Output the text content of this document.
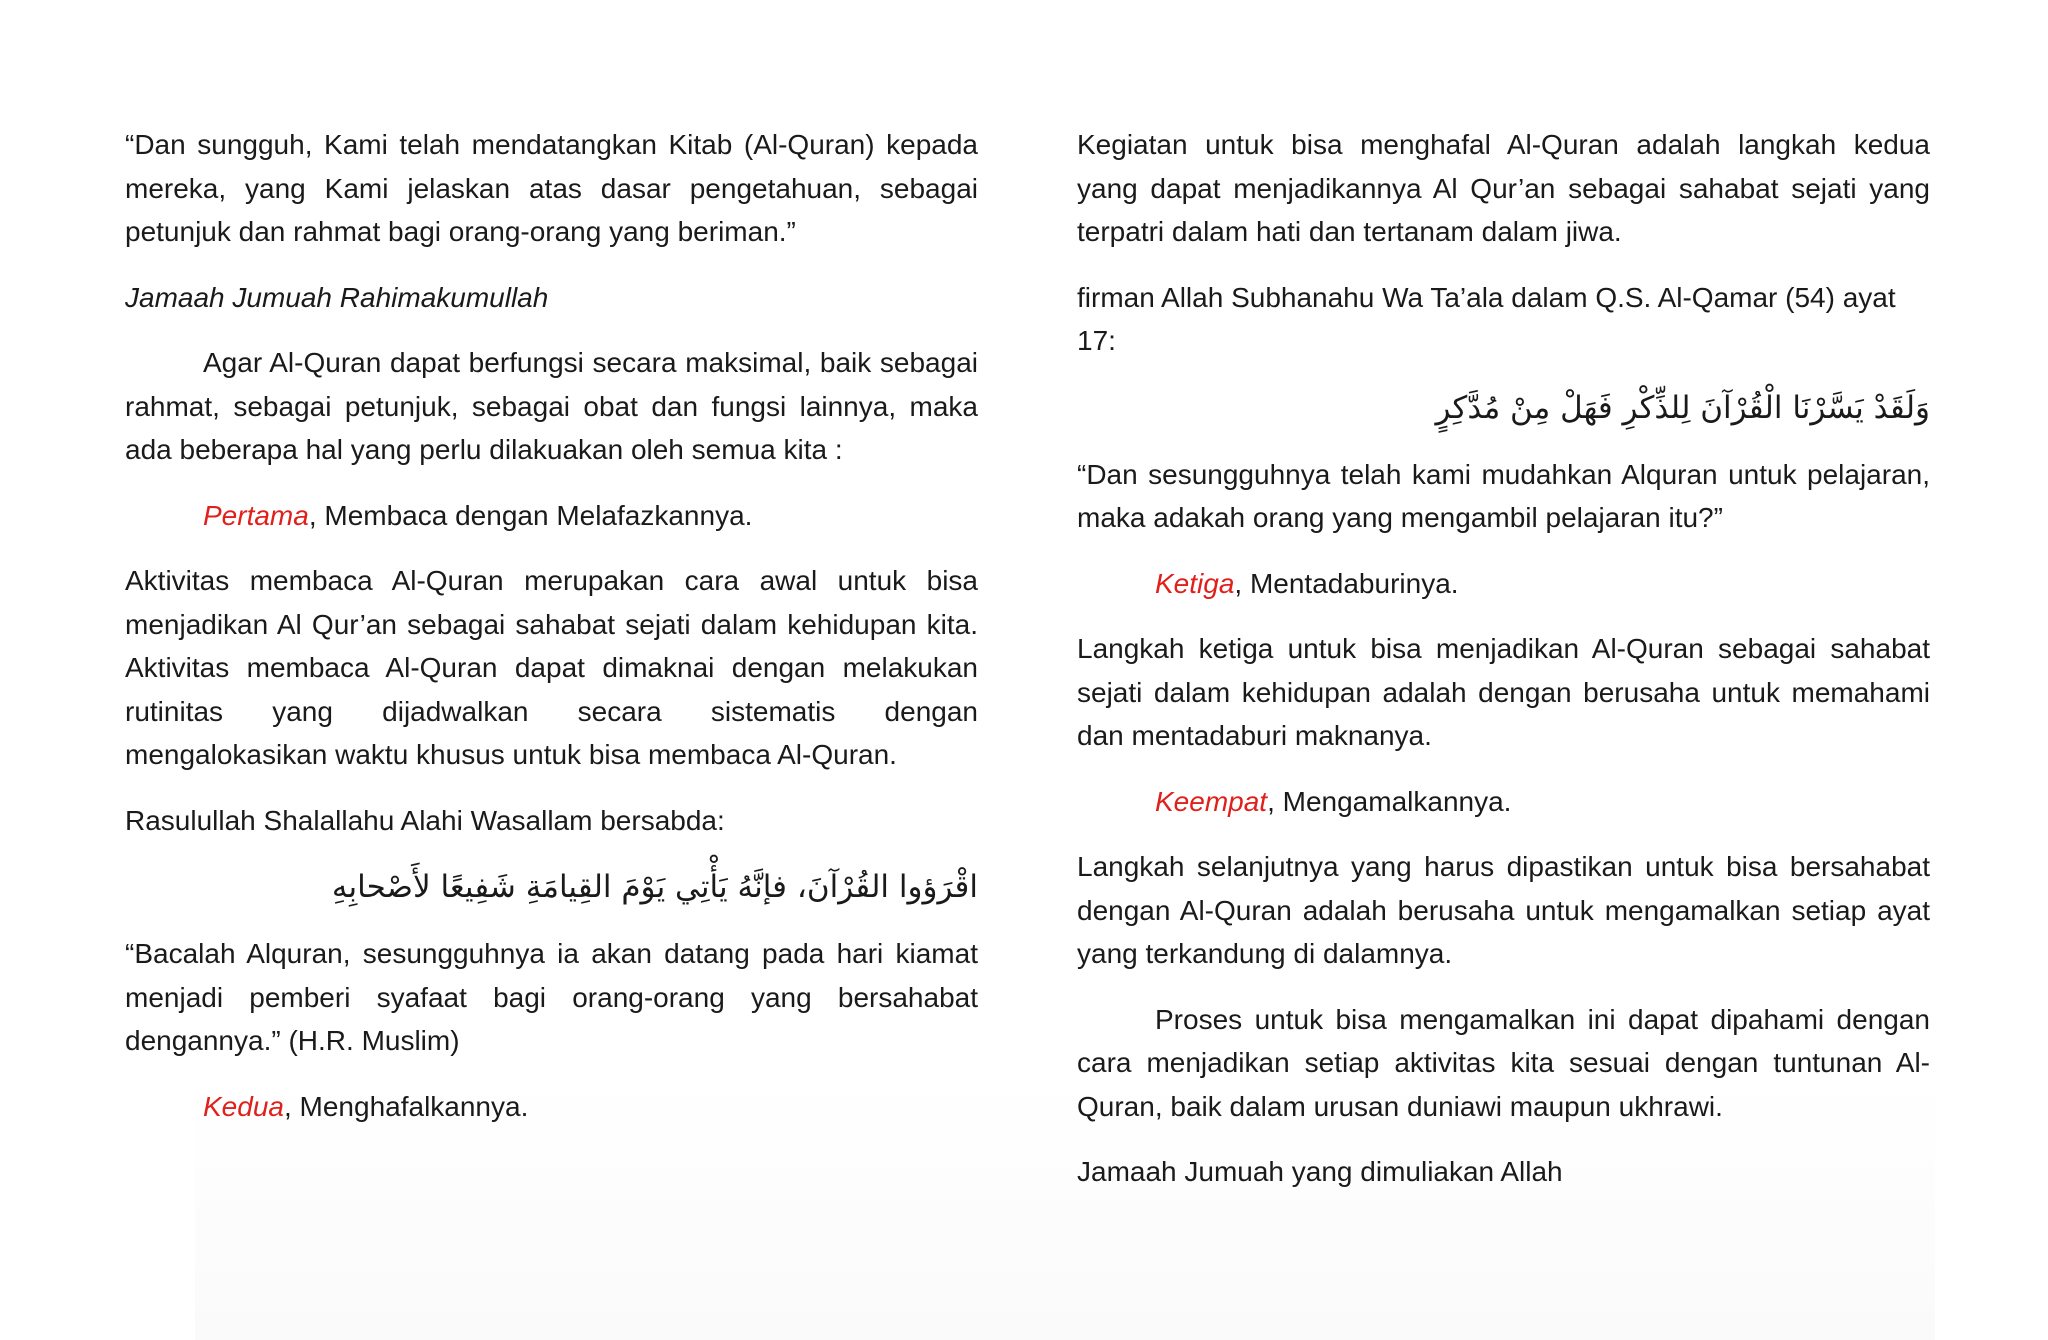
“Dan sungguh, Kami telah mendatangkan Kitab (Al-Quran) kepada mereka, yang Kami jelaskan atas dasar pengetahuan, sebagai petunjuk dan rahmat bagi orang-orang yang beriman.”

Jamaah Jumuah Rahimakumullah

Agar Al-Quran dapat berfungsi secara maksimal, baik sebagai rahmat, sebagai petunjuk, sebagai obat dan fungsi lainnya, maka ada beberapa hal yang perlu dilakuakan oleh semua kita :

Pertama, Membaca dengan Melafazkannya.

Aktivitas membaca Al-Quran merupakan cara awal untuk bisa menjadikan Al Qur’an sebagai sahabat sejati dalam kehidupan kita. Aktivitas membaca Al-Quran dapat dimaknai dengan melakukan rutinitas yang dijadwalkan secara sistematis dengan mengalokasikan waktu khusus untuk bisa membaca Al-Quran.

Rasulullah Shalallahu Alahi Wasallam bersabda:

اقْرَؤوا القُرْآنَ، فإنَّهُ يَأْتِي يَوْمَ القِيامَةِ شَفِيعًا لأَصْحابِهِ

“Bacalah Alquran, sesungguhnya ia akan datang pada hari kiamat menjadi pemberi syafaat bagi orang-orang yang bersahabat dengannya.” (H.R. Muslim)

Kedua, Menghafalkannya.

Kegiatan untuk bisa menghafal Al-Quran adalah langkah kedua yang dapat menjadikannya Al Qur’an sebagai sahabat sejati yang terpatri dalam hati dan tertanam dalam jiwa.

firman Allah Subhanahu Wa Ta’ala dalam Q.S. Al-Qamar (54) ayat 17:

وَلَقَدْ يَسَّرْنَا الْقُرْآنَ لِلذِّكْرِ فَهَلْ مِنْ مُدَّكِرٍ

“Dan sesungguhnya telah kami mudahkan Alquran untuk pelajaran, maka adakah orang yang mengambil pelajaran itu?”

Ketiga, Mentadaburinya.

Langkah ketiga untuk bisa menjadikan Al-Quran sebagai sahabat sejati dalam kehidupan adalah dengan berusaha untuk memahami dan mentadaburi maknanya.

Keempat, Mengamalkannya.

Langkah selanjutnya yang harus dipastikan untuk bisa bersahabat dengan Al-Quran adalah berusaha untuk mengamalkan setiap ayat yang terkandung di dalamnya.

Proses untuk bisa mengamalkan ini dapat dipahami dengan cara menjadikan setiap aktivitas kita sesuai dengan tuntunan Al-Quran, baik dalam urusan duniawi maupun ukhrawi.

Jamaah Jumuah yang dimuliakan Allah
